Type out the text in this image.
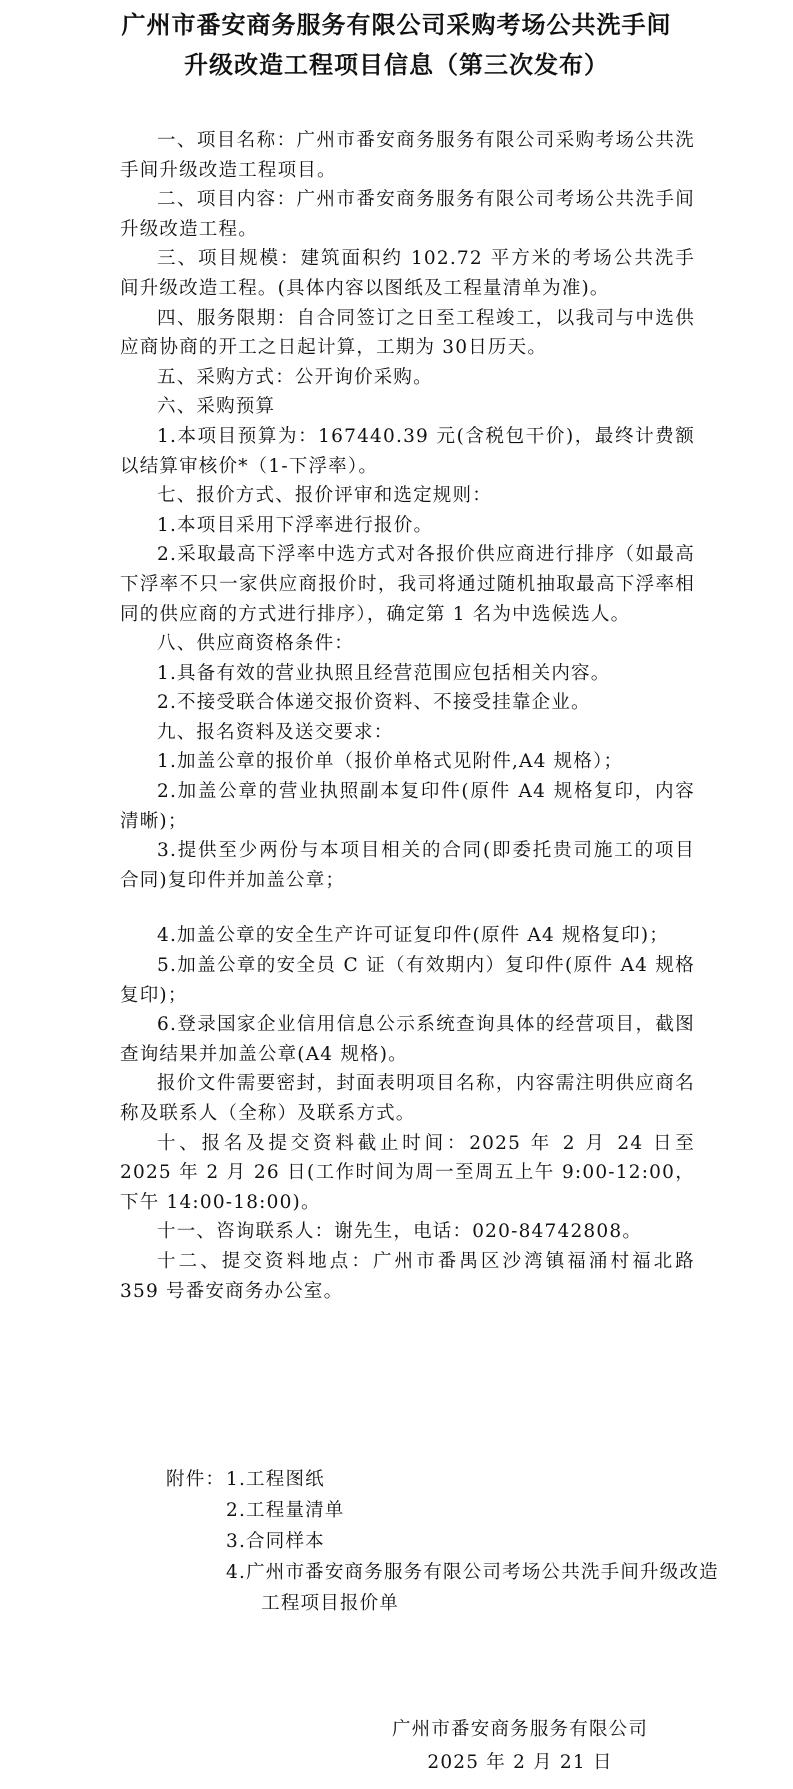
广州市番安商务服务有限公司采购考场公共洗手间
升级改造工程项目信息（第三次发布）

一、项目名称：广州市番安商务服务有限公司采购考场公共洗手间升级改造工程项目。

二、项目内容：广州市番安商务服务有限公司考场公共洗手间升级改造工程。

三、项目规模：建筑面积约 102.72 平方米的考场公共洗手间升级改造工程。(具体内容以图纸及工程量清单为准)。

四、服务限期：自合同签订之日至工程竣工，以我司与中选供应商协商的开工之日起计算，工期为 30日历天。

五、采购方式：公开询价采购。

六、采购预算

1.本项目预算为：167440.39 元(含税包干价)，最终计费额以结算审核价*（1-下浮率）。

七、报价方式、报价评审和选定规则：

1.本项目采用下浮率进行报价。

2.采取最高下浮率中选方式对各报价供应商进行排序（如最高下浮率不只一家供应商报价时，我司将通过随机抽取最高下浮率相同的供应商的方式进行排序），确定第 1 名为中选候选人。

八、供应商资格条件：

1.具备有效的营业执照且经营范围应包括相关内容。

2.不接受联合体递交报价资料、不接受挂靠企业。

九、报名资料及送交要求：

1.加盖公章的报价单（报价单格式见附件,A4 规格）；

2.加盖公章的营业执照副本复印件(原件 A4 规格复印，内容清晰)；

3.提供至少两份与本项目相关的合同(即委托贵司施工的项目合同)复印件并加盖公章；

4.加盖公章的安全生产许可证复印件(原件 A4 规格复印)；

5.加盖公章的安全员 C 证（有效期内）复印件(原件 A4 规格复印)；

6.登录国家企业信用信息公示系统查询具体的经营项目，截图查询结果并加盖公章(A4 规格)。

报价文件需要密封，封面表明项目名称，内容需注明供应商名称及联系人（全称）及联系方式。

十、报名及提交资料截止时间：2025 年 2 月 24 日至 2025 年 2 月 26 日(工作时间为周一至周五上午 9:00-12:00，下午 14:00-18:00)。

十一、咨询联系人：谢先生，电话：020-84742808。

十二、提交资料地点：广州市番禺区沙湾镇福涌村福北路 359 号番安商务办公室。

附件： 1.工程图纸
2.工程量清单
3.合同样本
4.广州市番安商务服务有限公司考场公共洗手间升级改造工程项目报价单
广州市番安商务服务有限公司
2025 年 2 月 21 日
